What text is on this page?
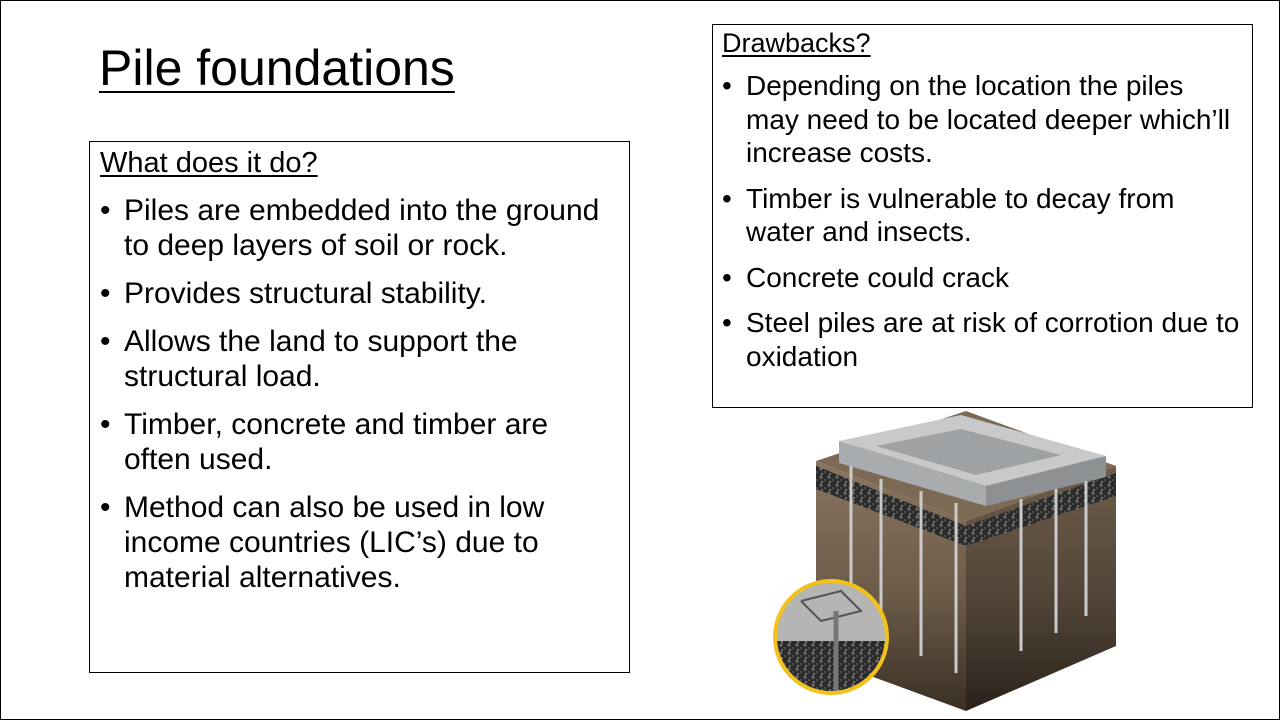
Pile foundations
What does it do?
• Piles are embedded into the ground to deep layers of soil or rock.
• Provides structural stability.
• Allows the land to support the structural load.
• Timber, concrete and timber are often used.
• Method can also be used in low income countries (LIC’s) due to material alternatives.
Drawbacks?
• Depending on the location the piles may need to be located deeper which’ll increase costs.
• Timber is vulnerable to decay from water and insects.
• Concrete could crack
• Steel piles are at risk of corrotion due to oxidation
